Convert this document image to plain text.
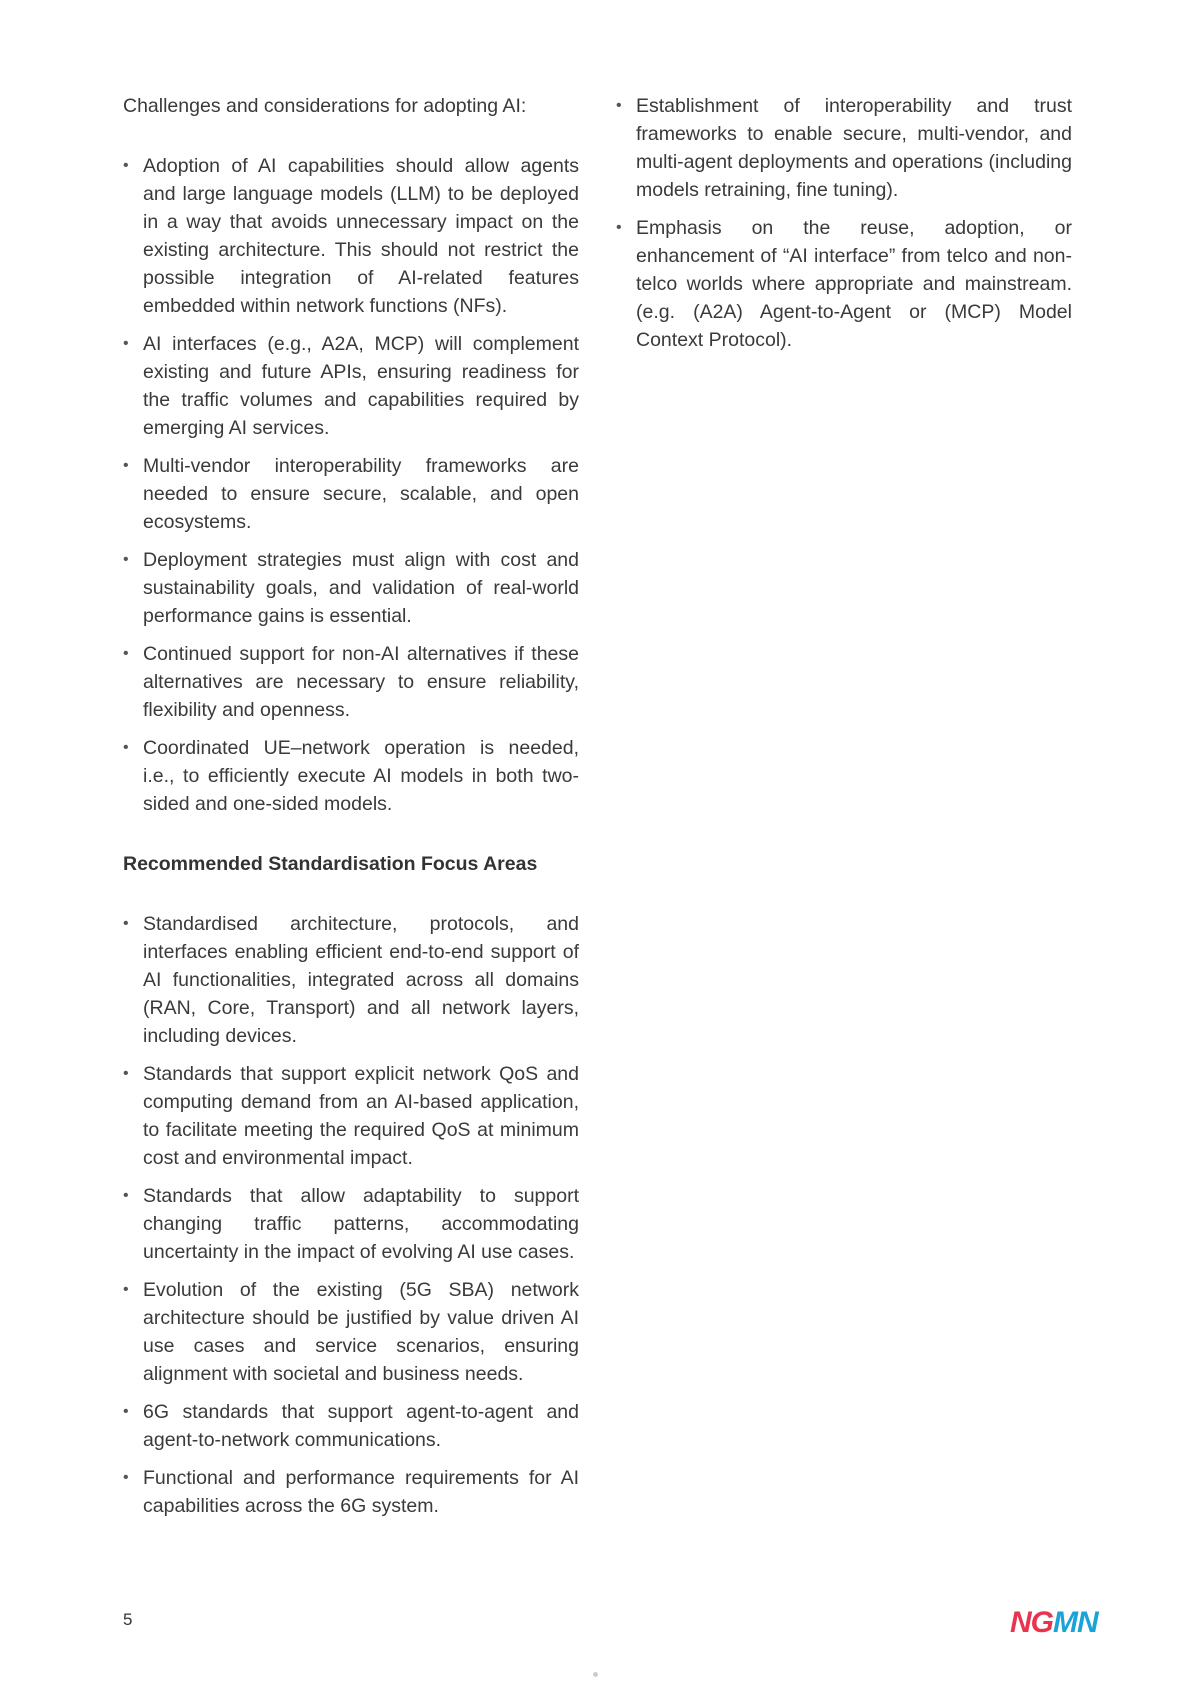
Challenges and considerations for adopting AI:

• Adoption of AI capabilities should allow agents and large language models (LLM) to be deployed in a way that avoids unnecessary impact on the existing architecture. This should not restrict the possible integration of AI-related features embedded within network functions (NFs).
• AI interfaces (e.g., A2A, MCP) will complement existing and future APIs, ensuring readiness for the traffic volumes and capabilities required by emerging AI services.
• Multi-vendor interoperability frameworks are needed to ensure secure, scalable, and open ecosystems.
• Deployment strategies must align with cost and sustainability goals, and validation of real-world performance gains is essential.
• Continued support for non-AI alternatives if these alternatives are necessary to ensure reliability, flexibility and openness.
• Coordinated UE–network operation is needed, i.e., to efficiently execute AI models in both two-sided and one-sided models.
Recommended Standardisation Focus Areas
• Standardised architecture, protocols, and interfaces enabling efficient end-to-end support of AI functionalities, integrated across all domains (RAN, Core, Transport) and all network layers, including devices.
• Standards that support explicit network QoS and computing demand from an AI-based application, to facilitate meeting the required QoS at minimum cost and environmental impact.
• Standards that allow adaptability to support changing traffic patterns, accommodating uncertainty in the impact of evolving AI use cases.
• Evolution of the existing (5G SBA) network architecture should be justified by value driven AI use cases and service scenarios, ensuring alignment with societal and business needs.
• 6G standards that support agent-to-agent and agent-to-network communications.
• Functional and performance requirements for AI capabilities across the 6G system.
• Establishment of interoperability and trust frameworks to enable secure, multi-vendor, and multi-agent deployments and operations (including models retraining, fine tuning).
• Emphasis on the reuse, adoption, or enhancement of “AI interface” from telco and non-telco worlds where appropriate and mainstream. (e.g. (A2A) Agent-to-Agent or (MCP) Model Context Protocol).
5	NGMN
